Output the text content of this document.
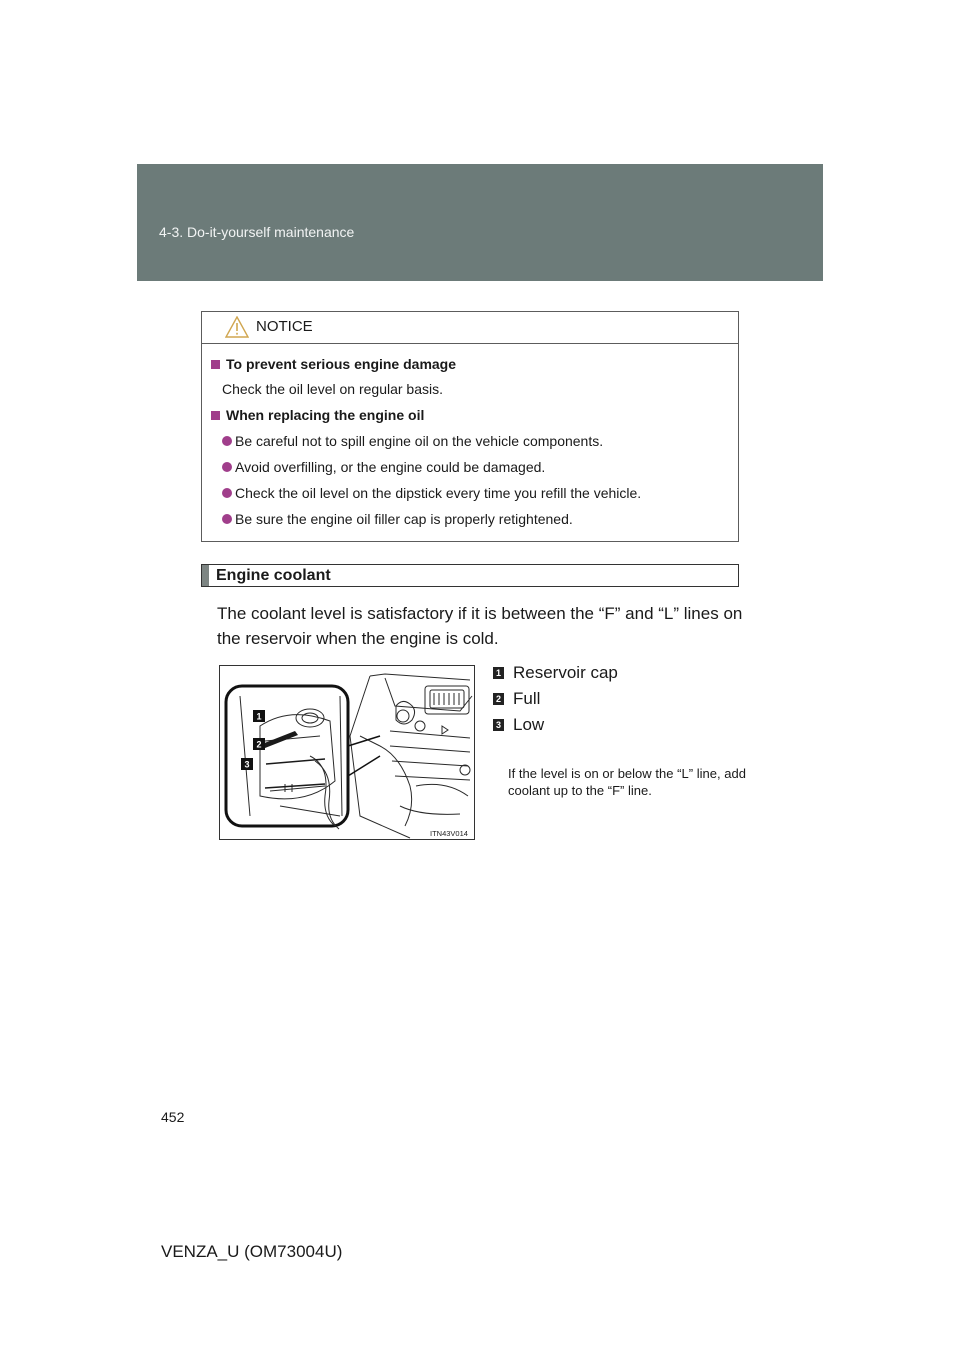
4-3. Do-it-yourself maintenance
NOTICE
To prevent serious engine damage
Check the oil level on regular basis.
When replacing the engine oil
Be careful not to spill engine oil on the vehicle components.
Avoid overfilling, or the engine could be damaged.
Check the oil level on the dipstick every time you refill the vehicle.
Be sure the engine oil filler cap is properly retightened.
Engine coolant
The coolant level is satisfactory if it is between the “F” and “L” lines on the reservoir when the engine is cold.
1
2
3
ITN43V014
1 Reservoir cap
2 Full
3 Low
If the level is on or below the “L” line, add coolant up to the “F” line.
452
VENZA_U (OM73004U)
